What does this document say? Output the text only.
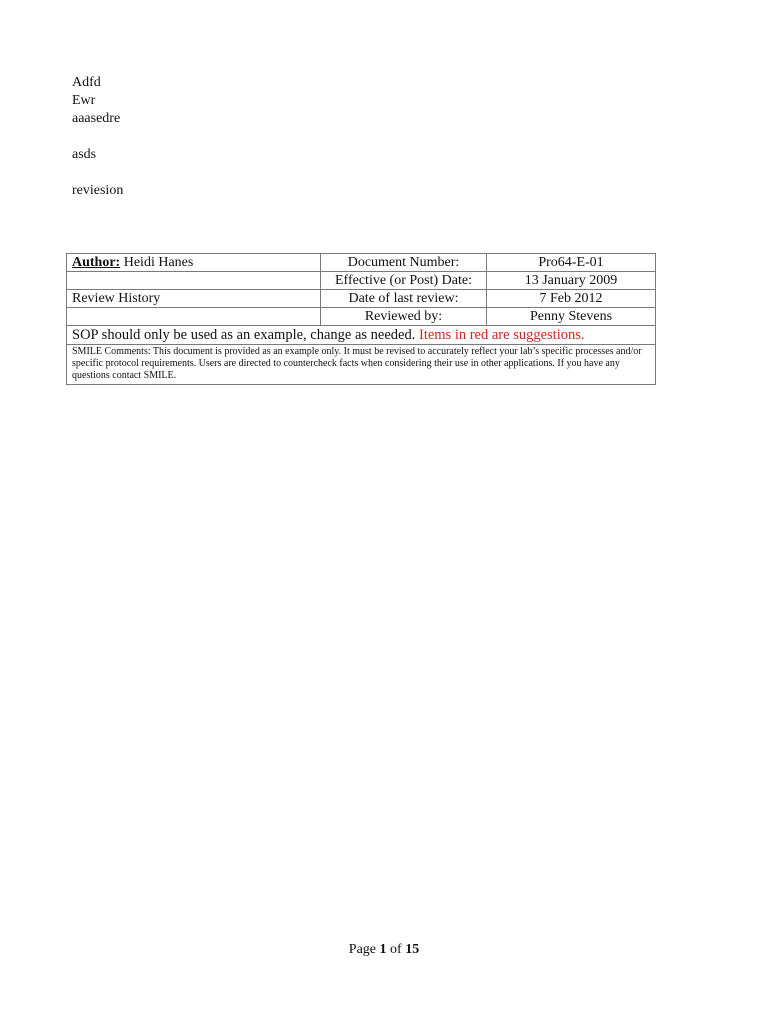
Adfd
Ewr
aaasedre
asds
reviesion
Author: Heidi Hanes	Document Number:	Pro64-E-01
	Effective (or Post) Date:	13 January 2009
Review History	Date of last review:	7 Feb 2012
	Reviewed by:	Penny Stevens
SOP should only be used as an example, change as needed. Items in red are suggestions.		
SMILE Comments: This document is provided as an example only. It must be revised to accurately reflect your lab’s specific processes and/or specific protocol requirements. Users are directed to countercheck facts when considering their use in other applications. If you have any questions contact SMILE.		
Page 1 of 15
